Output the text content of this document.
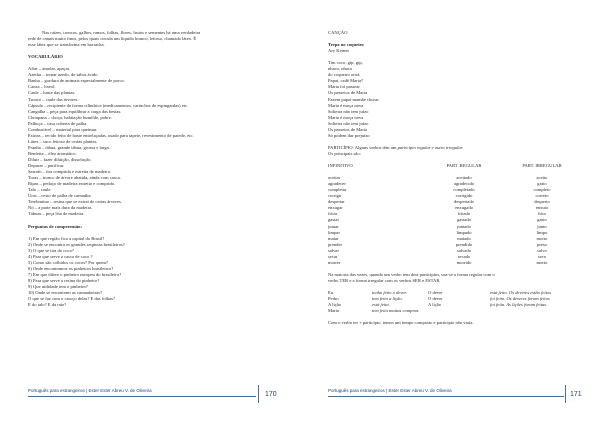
Nas raízes, troncos, galhos, ramos, folhas, flores, frutos e sementes há uma verdadeira
rede de canais muito finos, pelos quais circula um líquido branco, leitoso, chamado látex. É
esse látex que se transforma em borracha.
VOCABULÁRIO
Afiar – amolar, apaçar.
Azedar – tornar azedo, de sabor ácido
Banha – gordura de animais especialmente de porco.
Caoza – lixeol.
Caule – haste das plantas.
Tronco – caule das árvores.
Cápsula – recipiente de forma cilíndrica (medicamentos, cartuchos de espingardas) etc.
Cangalha – peça para equilibrar a carga das bestas.
Choupana – choça, habitação humilde, pobre.
Palhoça – casa coberta de palha.
Combustível – material para queimar.
Estrias – tecido feito de haste entrelaçadas, usado para tapete, revestimento de parede, etc.
Látex – suco leitoso de certas plantas.
Pranha – tábua, grande tábua, grossa e larga.
Benfeita – óleo aromático.
Diluir – fazer diluição, dissolução.
Depurar – purificar.
Sarrafo – tira comprida e estreita de madeira.
Toras – tronco de árvore abatida, ainda com casca.
Ripas – pedaço de madeira estreito e comprido.
Talo – caule.
Uras – cesto de palha de carnaúba.
Terebintina – resina que se extrai de certas árvores.
Nó – a parte mais dura da madeira.
Tábuas – peça lisa de madeira.
Perguntas de compreensão:
1) Em que região fica a capital do Brasil?
2) Onde se encontra os grandes seqüoias brasileiros?
3) O que se tira do coco?
4) Para que serve a casca de coco ?
5) Como são colhidos os cocos? Por quem?
6) Onde encontramos os pinheiros brasileiros?
7) Em que difere o pinheiro europeu do brasileiro?
8) Para que serve a resina do pinheiro?
9) Que utilidade tem o pinheiro?
10) Onde se encontram as carnaubeiras?
O que se faz com o caroço delas? E das folhas?
E do talo? E da raiz?
Português para estrangeiros | Ester Ester Abreu V. de Oliveira
170
CANÇÃO
Trepa no coqueiro
Ary Kerner
Tim coco, gip, gip,
nhaco, nhaco
do coqueiro otirá.
Papai, cadê Maria?
Maria foi passear
Os passeios de Maria
Fazem papai mamãe chorar.
Maria é moça nova
Solteira não tem juízo
Maria é moça nova
Solteira não tem juízo
Os passeios de Maria
Só podem dar prejuízo
PARTICÍPIO: Alguns verbos têm um particípio regular e outro irregular.
Os principais são:
INFINITIVO	PART .REGULAR	PART. IRREGULAR
aceitar	aceitado	aceito
agradecer	agradecido	grato
completar	completado	completo
corrigir	corrigido	correto
despertar	despertado	desperto
enxugar	enxugado	enxuto
fritar	fritado	frito
gastar	gastado	gasto
juntar	juntado	junto
limpar	limpado	limpo
matar	matado	morto
prender	prendido	preso
salvar	salvado	salvo
secar	secado	seco
morrer	morrido	morto
Na maioria das vezes, quando um verbo tem dois particípios, usa-se a forma regular com o
verbo TER e a forma irregular com os verbos SER e ESTAR.
Eu	tenho feito o dever.	O dever	está feito. Os deveres estão feitos
Pedro	tem feito a lição.	O dever	foi feito. Os deveres foram feitos
A lição	está feita.	A lição	foi feita. As lições foram feitas.
Maria	tem feito muitas compras.
Com o verbo ter + particípio, temos um tempo composto e particípio não varia.
Português para estrangeiros | Ester Ester Abreu V. de Oliveira
171
